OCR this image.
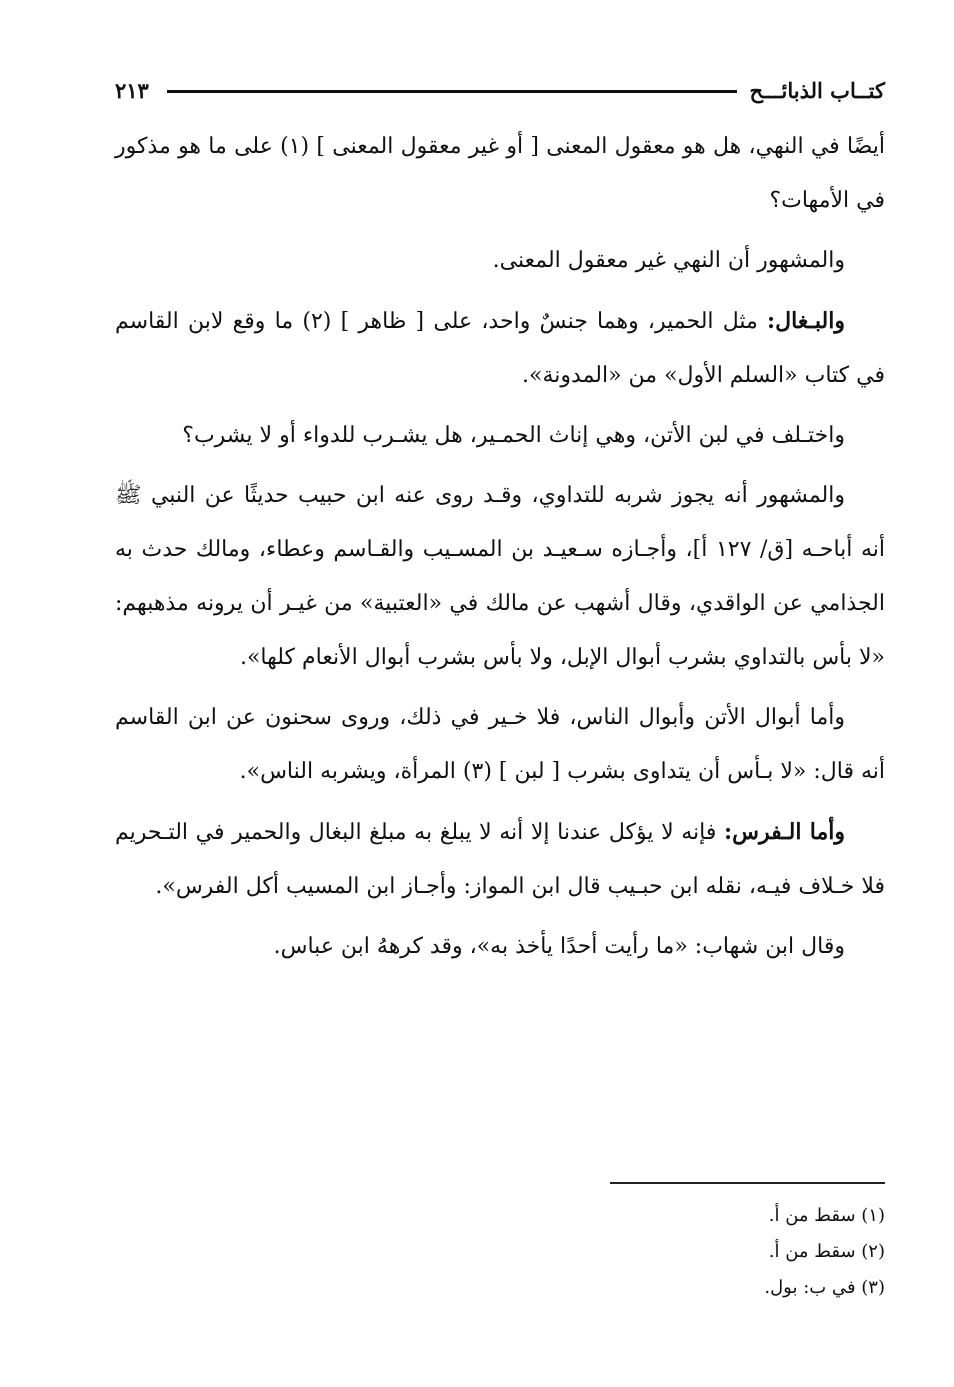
كتــاب الذبائـــح
٢١٣

أيضًا في النهي، هل هو معقول المعنى [ أو غير معقول المعنى ] (١) على ما هو مذكور في الأمهات؟

والمشهور أن النهي غير معقول المعنى.

والبـغال: مثل الحمير، وهما جنسٌ واحد، على [ ظاهر ] (٢) ما وقع لابن القاسم في كتاب «السلم الأول» من «المدونة».

واختـلف في لبن الأتن، وهي إناث الحمـير، هل يشـرب للدواء أو لا يشرب؟

والمشهور أنه يجوز شربه للتداوي، وقـد روى عنه ابن حبيب حديثًا عن النبي ﷺ أنه أباحـه [ق/ ١٢٧ أ]، وأجـازه سـعيـد بن المسـيب والقـاسم وعطاء، ومالك حدث به الجذامي عن الواقدي، وقال أشهب عن مالك في «العتبية» من غيـر أن يرونه مذهبهم: «لا بأس بالتداوي بشرب أبوال الإبل، ولا بأس بشرب أبوال الأنعام كلها».

وأما أبوال الأتن وأبوال الناس، فلا خـير في ذلك، وروى سحنون عن ابن القاسم أنه قال: «لا بـأس أن يتداوى بشرب [ لبن ] (٣) المرأة، ويشربه الناس».

وأما الـفرس: فإنه لا يؤكل عندنا إلا أنه لا يبلغ به مبلغ البغال والحمير في التـحريم فلا خـلاف فيـه، نقله ابن حبـيب قال ابن المواز: وأجـاز ابن المسيب أكل الفرس».

وقال ابن شهاب: «ما رأيت أحدًا يأخذ به»، وقد كرههُ ابن عباس.

(١) سقط من أ.
(٢) سقط من أ.
(٣) في ب: بول.
